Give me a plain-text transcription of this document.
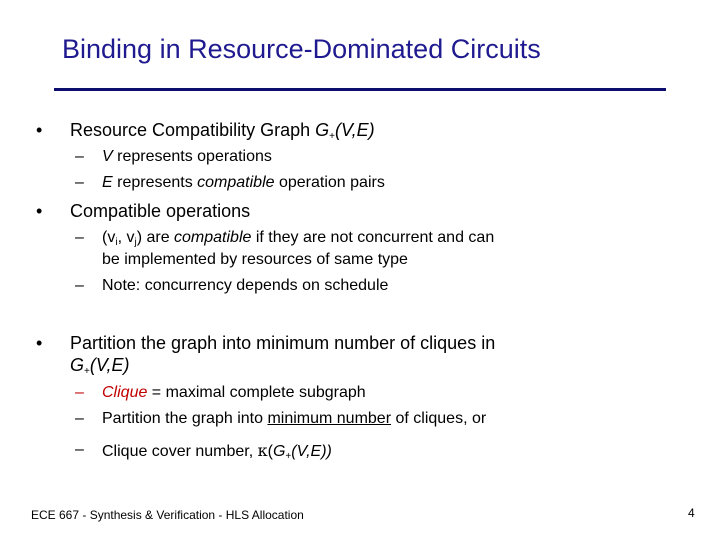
Binding in Resource-Dominated Circuits
• Resource Compatibility Graph $G_+(V,E)$
– V represents operations
– E represents compatible operation pairs
• Compatible operations
– ($v_i$, $v_j$) are compatible if they are not concurrent and can
be implemented by resources of same type
– Note: concurrency depends on schedule
• Partition the graph into minimum number of cliques in
$G_+(V,E)$
– Clique = maximal complete subgraph
– Partition the graph into minimum number of cliques, or
– Clique cover number, $\kappa(G_+(V,E))$
ECE 667 - Synthesis & Verification - HLS Allocation	4
